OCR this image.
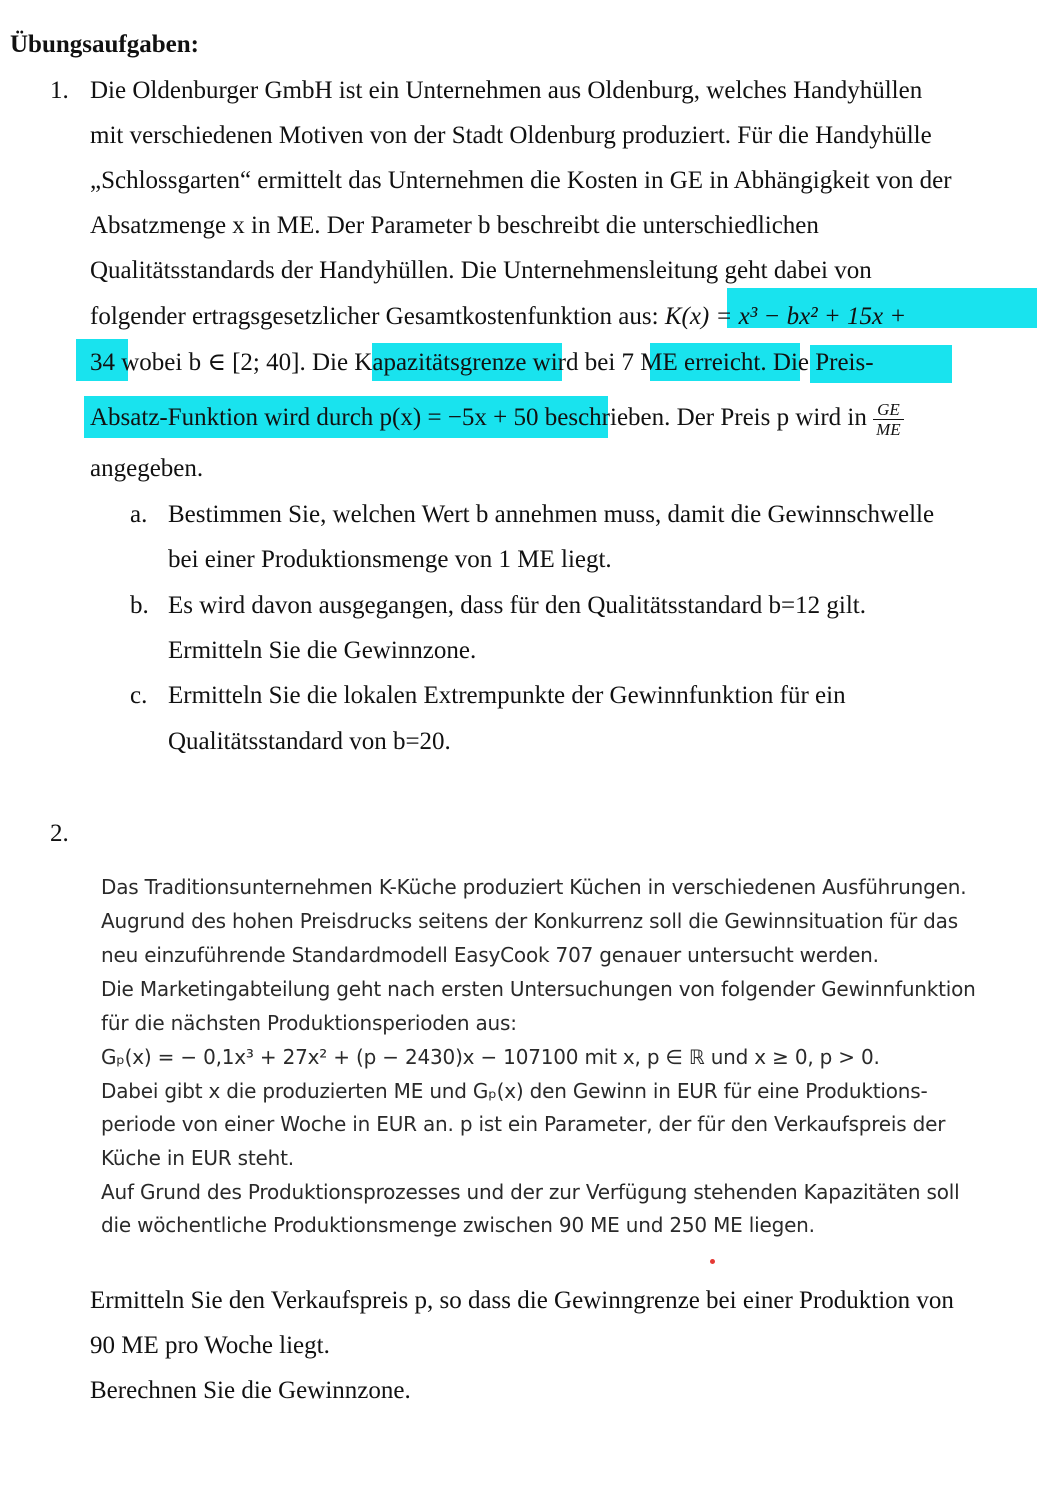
Übungsaufgaben:
1. Die Oldenburger GmbH ist ein Unternehmen aus Oldenburg, welches Handyhüllen
mit verschiedenen Motiven von der Stadt Oldenburg produziert. Für die Handyhülle
„Schlossgarten“ ermittelt das Unternehmen die Kosten in GE in Abhängigkeit von der
Absatzmenge x in ME. Der Parameter b beschreibt die unterschiedlichen
Qualitätsstandards der Handyhüllen. Die Unternehmensleitung geht dabei von
folgender ertragsgesetzlicher Gesamtkostenfunktion aus: K(x) = x³ − bx² + 15x +
34 wobei b ∈ [2; 40]. Die Kapazitätsgrenze wird bei 7 ME erreicht. Die Preis-
Absatz-Funktion wird durch p(x) = −5x + 50 beschrieben. Der Preis p wird in $\frac{GE}{ME}$
angegeben.
a. Bestimmen Sie, welchen Wert b annehmen muss, damit die Gewinnschwelle
bei einer Produktionsmenge von 1 ME liegt.
b. Es wird davon ausgegangen, dass für den Qualitätsstandard b=12 gilt.
Ermitteln Sie die Gewinnzone.
c. Ermitteln Sie die lokalen Extrempunkte der Gewinnfunktion für ein
Qualitätsstandard von b=20.
2.
Das Traditionsunternehmen K-Küche produziert Küchen in verschiedenen Ausführungen.
Augrund des hohen Preisdrucks seitens der Konkurrenz soll die Gewinnsituation für das
neu einzuführende Standardmodell EasyCook 707 genauer untersucht werden.
Die Marketingabteilung geht nach ersten Untersuchungen von folgender Gewinnfunktion
für die nächsten Produktionsperioden aus:
Gₚ(x) = − 0,1x³ + 27x² + (p − 2430)x − 107100 mit x, p ∈ ℝ und x ≥ 0, p > 0.
Dabei gibt x die produzierten ME und Gₚ(x) den Gewinn in EUR für eine Produktions-
periode von einer Woche in EUR an. p ist ein Parameter, der für den Verkaufspreis der
Küche in EUR steht.
Auf Grund des Produktionsprozesses und der zur Verfügung stehenden Kapazitäten soll
die wöchentliche Produktionsmenge zwischen 90 ME und 250 ME liegen.
Ermitteln Sie den Verkaufspreis p, so dass die Gewinngrenze bei einer Produktion von
90 ME pro Woche liegt.
Berechnen Sie die Gewinnzone.
